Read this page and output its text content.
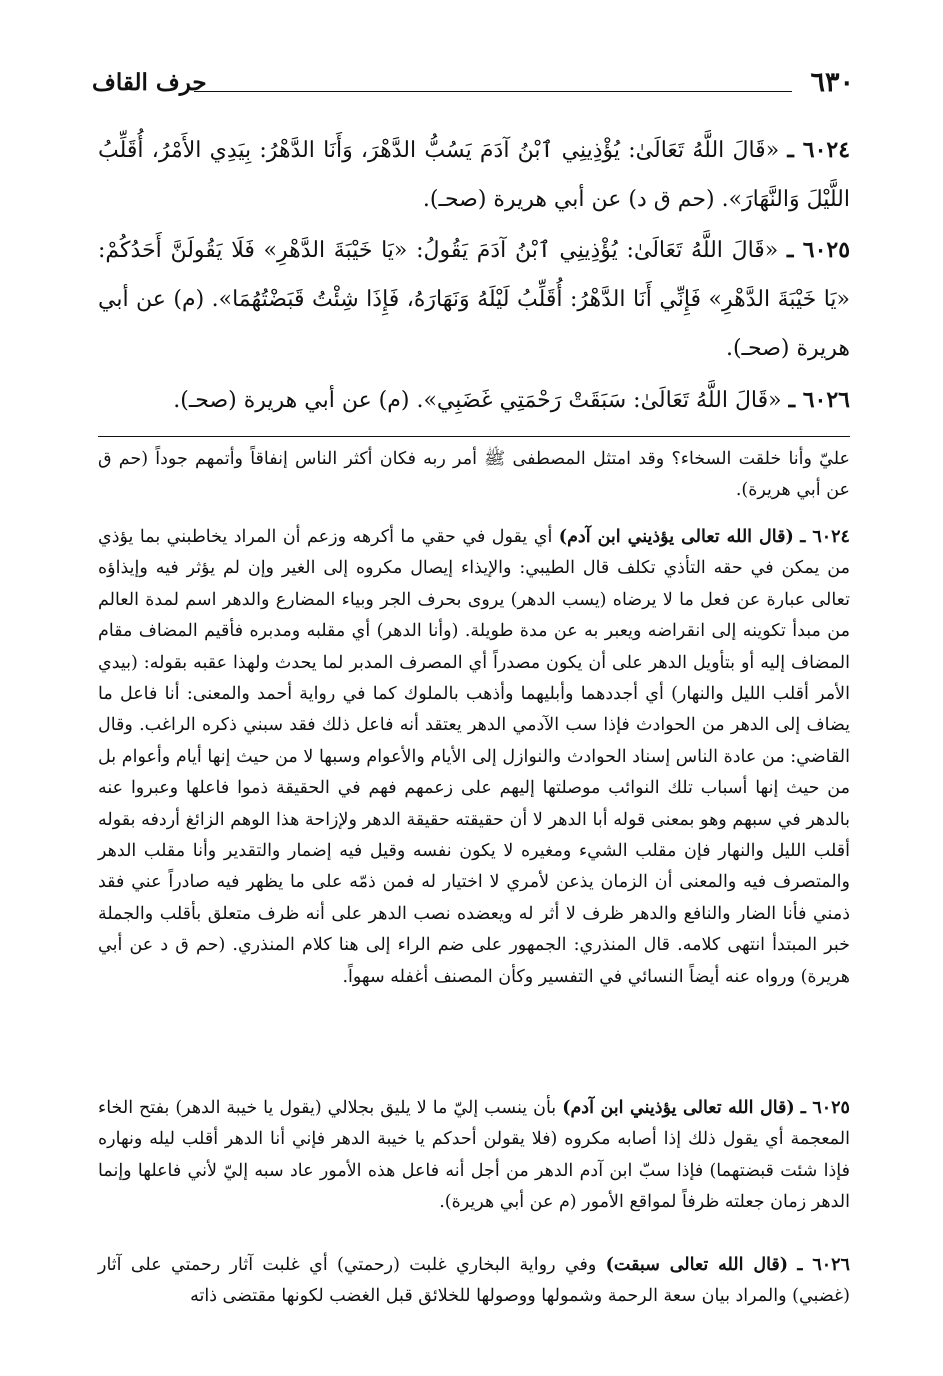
٦٣٠
حرف القاف
٦٠٢٤ ـ «قَالَ اللَّهُ تَعَالَىٰ: يُؤْذِينِي ٱبْنُ آدَمَ يَسُبُّ الدَّهْرَ، وَأَنَا الدَّهْرُ: بِيَدِي الأَمْرُ، أُقَلِّبُ اللَّيْلَ وَالنَّهَارَ». (حم ق د) عن أبي هريرة (صحـ).
٦٠٢٥ ـ «قَالَ اللَّهُ تَعَالَىٰ: يُؤْذِينِي ٱبْنُ آدَمَ يَقُولُ: «يَا خَيْبَةَ الدَّهْرِ» فَلَا يَقُولَنَّ أَحَدُكُمْ: «يَا خَيْبَةَ الدَّهْرِ» فَإِنِّي أَنَا الدَّهْرُ: أُقَلِّبُ لَيْلَهُ وَنَهَارَهُ، فَإِذَا شِئْتُ قَبَضْتُهُمَا». (م) عن أبي هريرة (صحـ).
٦٠٢٦ ـ «قَالَ اللَّهُ تَعَالَىٰ: سَبَقَتْ رَحْمَتِي غَضَبِي». (م) عن أبي هريرة (صحـ).
عليّ وأنا خلقت السخاء؟ وقد امتثل المصطفى ﷺ أمر ربه فكان أكثر الناس إنفاقاً وأتمهم جوداً (حم ق عن أبي هريرة).
٦٠٢٤ ـ (قال الله تعالى يؤذيني ابن آدم) أي يقول في حقي ما أكرهه وزعم أن المراد يخاطبني بما يؤذي من يمكن في حقه التأذي تكلف قال الطيبي: والإيذاء إيصال مكروه إلى الغير وإن لم يؤثر فيه وإيذاؤه تعالى عبارة عن فعل ما لا يرضاه (يسب الدهر) يروى بحرف الجر وبياء المضارع والدهر اسم لمدة العالم من مبدأ تكوينه إلى انقراضه ويعبر به عن مدة طويلة. (وأنا الدهر) أي مقلبه ومدبره فأقيم المضاف مقام المضاف إليه أو بتأويل الدهر على أن يكون مصدراً أي المصرف المدبر لما يحدث ولهذا عقبه بقوله: (بيدي الأمر أقلب الليل والنهار) أي أجددهما وأبليهما وأذهب بالملوك كما في رواية أحمد والمعنى: أنا فاعل ما يضاف إلى الدهر من الحوادث فإذا سب الآدمي الدهر يعتقد أنه فاعل ذلك فقد سبني ذكره الراغب. وقال القاضي: من عادة الناس إسناد الحوادث والنوازل إلى الأيام والأعوام وسبها لا من حيث إنها أيام وأعوام بل من حيث إنها أسباب تلك النوائب موصلتها إليهم على زعمهم فهم في الحقيقة ذموا فاعلها وعبروا عنه بالدهر في سبهم وهو بمعنى قوله أبا الدهر لا أن حقيقته حقيقة الدهر ولإزاحة هذا الوهم الزائغ أردفه بقوله أقلب الليل والنهار فإن مقلب الشيء ومغيره لا يكون نفسه وقيل فيه إضمار والتقدير وأنا مقلب الدهر والمتصرف فيه والمعنى أن الزمان يذعن لأمري لا اختيار له فمن ذمّه على ما يظهر فيه صادراً عني فقد ذمني فأنا الضار والنافع والدهر ظرف لا أثر له ويعضده نصب الدهر على أنه ظرف متعلق بأقلب والجملة خبر المبتدأ انتهى كلامه. قال المنذري: الجمهور على ضم الراء إلى هنا كلام المنذري. (حم ق د عن أبي هريرة) ورواه عنه أيضاً النسائي في التفسير وكأن المصنف أغفله سهواً.
٦٠٢٥ ـ (قال الله تعالى يؤذيني ابن آدم) بأن ينسب إليّ ما لا يليق بجلالي (يقول يا خيبة الدهر) بفتح الخاء المعجمة أي يقول ذلك إذا أصابه مكروه (فلا يقولن أحدكم يا خيبة الدهر فإني أنا الدهر أقلب ليله ونهاره فإذا شئت قبضتهما) فإذا سبّ ابن آدم الدهر من أجل أنه فاعل هذه الأمور عاد سبه إليّ لأني فاعلها وإنما الدهر زمان جعلته ظرفاً لمواقع الأمور (م عن أبي هريرة).
٦٠٢٦ ـ (قال الله تعالى سبقت) وفي رواية البخاري غلبت (رحمتي) أي غلبت آثار رحمتي على آثار (غضبي) والمراد بيان سعة الرحمة وشمولها ووصولها للخلائق قبل الغضب لكونها مقتضى ذاته
